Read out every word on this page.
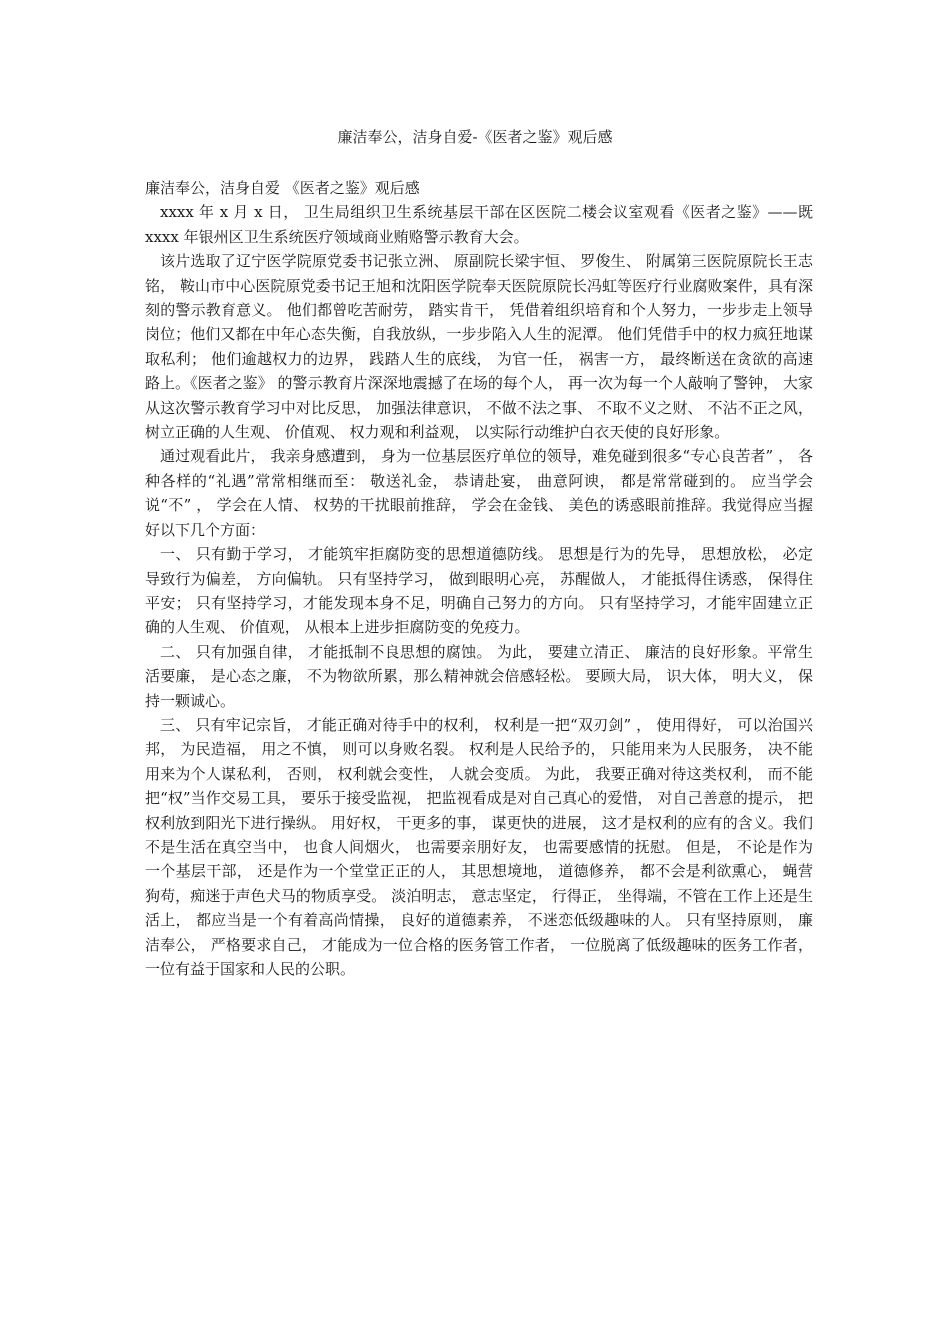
廉洁奉公，洁身自爱-《医者之鉴》观后感

廉洁奉公，洁身自爱 《医者之鉴》观后感

xxxx 年 x 月 x 日， 卫生局组织卫生系统基层干部在区医院二楼会议室观看《医者之鉴》——既 xxxx 年银州区卫生系统医疗领域商业贿赂警示教育大会。

该片选取了辽宁医学院原党委书记张立洲、 原副院长梁宇恒、 罗俊生、 附属第三医院原院长王志铭， 鞍山市中心医院原党委书记王旭和沈阳医学院奉天医院原院长冯虹等医疗行业腐败案件，具有深刻的警示教育意义。 他们都曾吃苦耐劳， 踏实肯干， 凭借着组织培育和个人努力，一步步走上领导岗位；他们又都在中年心态失衡，自我放纵，一步步陷入人生的泥潭。 他们凭借手中的权力疯狂地谋取私利； 他们逾越权力的边界， 践踏人生的底线， 为官一任， 祸害一方， 最终断送在贪欲的高速路上。《医者之鉴》 的警示教育片深深地震撼了在场的每个人， 再一次为每一个人敲响了警钟， 大家从这次警示教育学习中对比反思， 加强法律意识， 不做不法之事、 不取不义之财、 不沾不正之风， 树立正确的人生观、 价值观、 权力观和利益观， 以实际行动维护白衣天使的良好形象。

通过观看此片， 我亲身感遭到， 身为一位基层医疗单位的领导，难免碰到很多“专心良苦者” ， 各种各样的“礼遇”常常相继而至： 敬送礼金， 恭请赴宴， 曲意阿谀， 都是常常碰到的。 应当学会说“不” ， 学会在人情、 权势的干扰眼前推辞， 学会在金钱、 美色的诱惑眼前推辞。我觉得应当握好以下几个方面：

一、 只有勤于学习， 才能筑牢拒腐防变的思想道德防线。 思想是行为的先导， 思想放松， 必定导致行为偏差， 方向偏轨。 只有坚持学习， 做到眼明心亮， 苏醒做人， 才能抵得住诱惑， 保得住平安； 只有坚持学习，才能发现本身不足，明确自己努力的方向。 只有坚持学习，才能牢固建立正确的人生观、 价值观， 从根本上进步拒腐防变的免疫力。

二、 只有加强自律， 才能抵制不良思想的腐蚀。 为此， 要建立清正、 廉洁的良好形象。平常生活要廉， 是心态之廉， 不为物欲所累，那么精神就会倍感轻松。 要顾大局， 识大体， 明大义， 保持一颗诚心。

三、 只有牢记宗旨， 才能正确对待手中的权利， 权利是一把“双刃剑” ， 使用得好， 可以治国兴邦， 为民造福， 用之不慎， 则可以身败名裂。 权利是人民给予的， 只能用来为人民服务， 决不能用来为个人谋私利， 否则， 权利就会变性， 人就会变质。 为此， 我要正确对待这类权利， 而不能把“权”当作交易工具， 要乐于接受监视， 把监视看成是对自己真心的爱惜， 对自己善意的提示， 把权利放到阳光下进行操纵。 用好权， 干更多的事， 谋更快的进展， 这才是权利的应有的含义。我们不是生活在真空当中， 也食人间烟火， 也需要亲朋好友， 也需要感情的抚慰。 但是， 不论是作为一个基层干部， 还是作为一个堂堂正正的人， 其思想境地， 道德修养， 都不会是利欲熏心， 蝇营狗苟，痴迷于声色犬马的物质享受。 淡泊明志， 意志坚定， 行得正， 坐得端，不管在工作上还是生活上， 都应当是一个有着高尚情操， 良好的道德素养， 不迷恋低级趣味的人。 只有坚持原则， 廉洁奉公， 严格要求自己， 才能成为一位合格的医务管工作者， 一位脱离了低级趣味的医务工作者， 一位有益于国家和人民的公职。
